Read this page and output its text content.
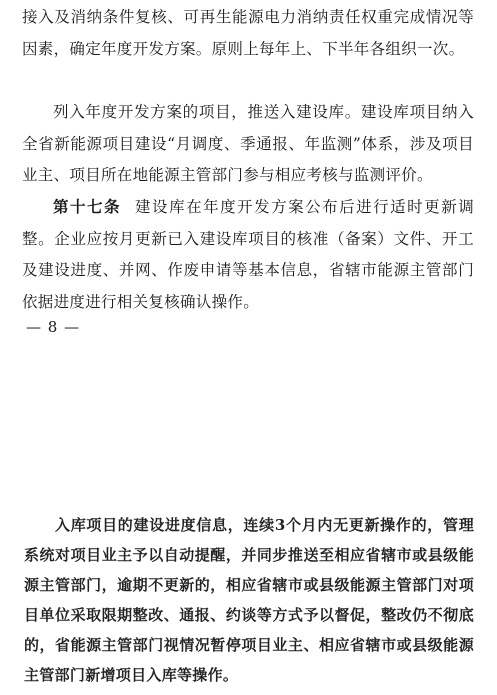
接入及消纳条件复核、可再生能源电力消纳责任权重完成情况等因素，确定年度开发方案。原则上每年上、下半年各组织一次。

列入年度开发方案的项目，推送入建设库。建设库项目纳入全省新能源项目建设“月调度、季通报、年监测”体系，涉及项目业主、项目所在地能源主管部门参与相应考核与监测评价。

第十七条 建设库在年度开发方案公布后进行适时更新调整。企业应按月更新已入建设库项目的核准（备案）文件、开工及建设进度、并网、作废申请等基本信息，省辖市能源主管部门依据进度进行相关复核确认操作。

— 8 —

入库项目的建设进度信息，连续3个月内无更新操作的，管理系统对项目业主予以自动提醒，并同步推送至相应省辖市或县级能源主管部门，逾期不更新的，相应省辖市或县级能源主管部门对项目单位采取限期整改、通报、约谈等方式予以督促，整改仍不彻底的，省能源主管部门视情况暂停项目业主、相应省辖市或县级能源主管部门新增项目入库等操作。
